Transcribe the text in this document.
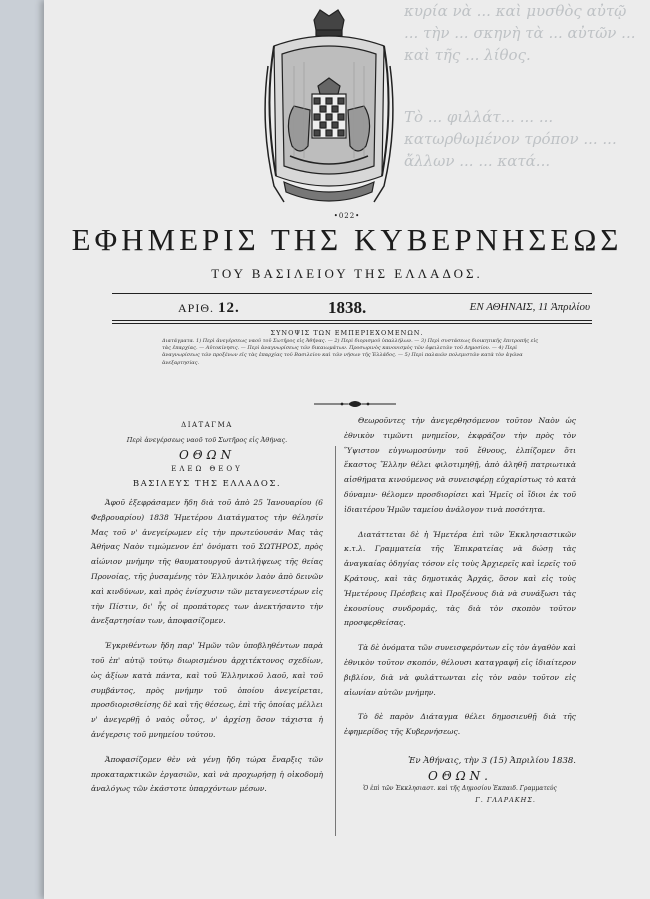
κυρία νὰ ... καὶ μυσθὸς αὐτῷ ... τὴν ... σκηνὴ τὰ ... αὐτῶν ... καὶ τῆς ... λίθος.

Τὸ ... φιλλάτ... ... ... κατωρθωμένον τρόπον ... ... ἄλλων ... ... κατά...

•022•
ΕΦΗΜΕΡΙΣ ΤΗΣ ΚΥΒΕΡΝΗΣΕΩΣ
ΤΟΥ ΒΑΣΙΛΕΙΟΥ ΤΗΣ ΕΛΛΑΔΟΣ.
ΑΡΙΘ. 12.	1838.	ΕΝ ΑΘΗΝΑΙΣ, 11 Ἀπριλίου
ΣΥΝΟΨΙΣ ΤΩΝ ΕΜΠΕΡΙΕΧΟΜΕΝΩΝ.
Διατάγματα. 1) Περὶ ἀνεγέρσεως ναοῦ τοῦ Σωτῆρος εἰς Ἀθήνας. — 2) Περὶ διορισμοῦ ὑπαλλήλων. — 3) Περὶ συστάσεως διοικητικῆς ἐπιτροπῆς εἰς τὰς ἐπαρχίας. — Αὐτοκίνησις. — Περὶ ἀναγνωρίσεως τῶν δικαιωμάτων. Προσωρινὸς κανονισμὸς τῶν ὀφειλετῶν τοῦ Δημοσίου. — 4) Περὶ ἀναγνωρίσεως τῶν προξένων εἰς τὰς ἐπαρχίας τοῦ Βασιλείου καὶ τῶν νήσων τῆς Ἑλλάδος. — 5) Περὶ παλαιῶν πολεμιστῶν κατὰ τὸν ἀγῶνα ἀνεξαρτησίας.

ΔΙΑΤΑΓΜΑ

Περὶ ἀνεγέρσεως ναοῦ τοῦ Σωτῆρος εἰς Ἀθήνας.

ΟΘΩΝ

ΕΛΕΩ ΘΕΟΥ

ΒΑΣΙΛΕΥΣ ΤΗΣ ΕΛΛΑΔΟΣ.

Ἀφοῦ ἐξεφράσαμεν ἤδη διὰ τοῦ ἀπὸ 25 Ἰανουαρίου (6 Φεβρουαρίου) 1838 Ἡμετέρου Διατάγματος τὴν θέλησίν Μας τοῦ ν' ἀνεγείρωμεν εἰς τὴν πρωτεύουσάν Μας τὰς Ἀθήνας Ναὸν τιμώμενον ἐπ' ὀνόματι τοῦ ΣΩΤΗΡΟΣ, πρὸς αἰώνιον μνήμην τῆς θαυματουργοῦ ἀντιλήψεως τῆς θείας Προνοίας, τῆς ῥυσαμένης τὸν Ἑλληνικὸν λαὸν ἀπὸ δεινῶν καὶ κινδύνων, καὶ πρὸς ἐνίσχυσιν τῶν μεταγενεστέρων εἰς τὴν Πίστιν, δι' ἧς οἱ προπάτορες των ἀνεκτήσαντο τὴν ἀνεξαρτησίαν των, ἀποφασίζομεν.

Ἐγκριθέντων ἤδη παρ' Ἡμῶν τῶν ὑποβληθέντων παρὰ τοῦ ἐπ' αὐτῷ τούτῳ διωρισμένου ἀρχιτέκτονος σχεδίων, ὡς ἀξίων κατὰ πάντα, καὶ τοῦ Ἑλληνικοῦ λαοῦ, καὶ τοῦ συμβάντος, πρὸς μνήμην τοῦ ὁποίου ἀνεγείρεται, προσδιορισθείσης δὲ καὶ τῆς θέσεως, ἐπὶ τῆς ὁποίας μέλλει ν' ἀνεγερθῇ ὁ ναὸς οὗτος, ν' ἀρχίσῃ ὅσον τάχιστα ἡ ἀνέγερσις τοῦ μνημείου τούτου.

Ἀποφασίζομεν θὲν νὰ γένῃ ἤδη τώρα ἔναρξις τῶν προκαταρκτικῶν ἐργασιῶν, καὶ νὰ προχωρήσῃ ἡ οἰκοδομὴ ἀναλόγως τῶν ἑκάστοτε ὑπαρχόντων μέσων.

Θεωροῦντες τὴν ἀνεγερθησόμενον τοῦτον Ναὸν ὡς ἐθνικὸν τιμῶντι μνημεῖον, ἐκφράζον τὴν πρὸς τὸν Ὕψιστον εὐγνωμοσύνην τοῦ ἔθνους, ἐλπίζομεν ὅτι ἕκαστος Ἕλλην θέλει φιλοτιμηθῇ, ἀπὸ ἀληθῆ πατριωτικὰ αἰσθήματα κινούμενος νὰ συνεισφέρῃ εὐχαρίστως τὸ κατὰ δύναμιν· θέλομεν προσδιορίσει καὶ Ἡμεῖς οἱ ἴδιοι ἐκ τοῦ ἰδιαιτέρου Ἡμῶν ταμείου ἀνάλογον τινὰ ποσότητα.

Διατάττεται δὲ ἡ Ἡμετέρα ἐπὶ τῶν Ἐκκλησιαστικῶν κ.τ.λ. Γραμματεία τῆς Ἐπικρατείας νὰ δώσῃ τὰς ἀναγκαίας ὁδηγίας τόσον εἰς τοὺς Ἀρχιερεῖς καὶ ἱερεῖς τοῦ Κράτους, καὶ τὰς δημοτικὰς Ἀρχάς, ὅσον καὶ εἰς τοὺς Ἡμετέρους Πρέσβεις καὶ Προξένους διὰ νὰ συνάξωσι τὰς ἑκουσίους συνδρομάς, τὰς διὰ τὸν σκοπὸν τοῦτον προσφερθείσας.

Τὰ δὲ ὀνόματα τῶν συνεισφερόντων εἰς τὸν ἀγαθὸν καὶ ἐθνικὸν τοῦτον σκοπόν, θέλουσι καταγραφῆ εἰς ἰδιαίτερον βιβλίον, διὰ νὰ φυλάττωνται εἰς τὸν ναὸν τοῦτον εἰς αἰωνίαν αὐτῶν μνήμην.

Τὸ δὲ παρὸν Διάταγμα θέλει δημοσιευθῇ διὰ τῆς ἐφημερίδος τῆς Κυβερνήσεως.

Ἐν Ἀθήναις, τὴν 3 (15) Ἀπριλίου 1838.

ΟΘΩΝ.

Ὁ ἐπὶ τῶν Ἐκκλησιαστ. καὶ τῆς Δημοσίου Ἐκπαιδ. Γραμματεύς

Γ. ΓΛΑΡΑΚΗΣ.
